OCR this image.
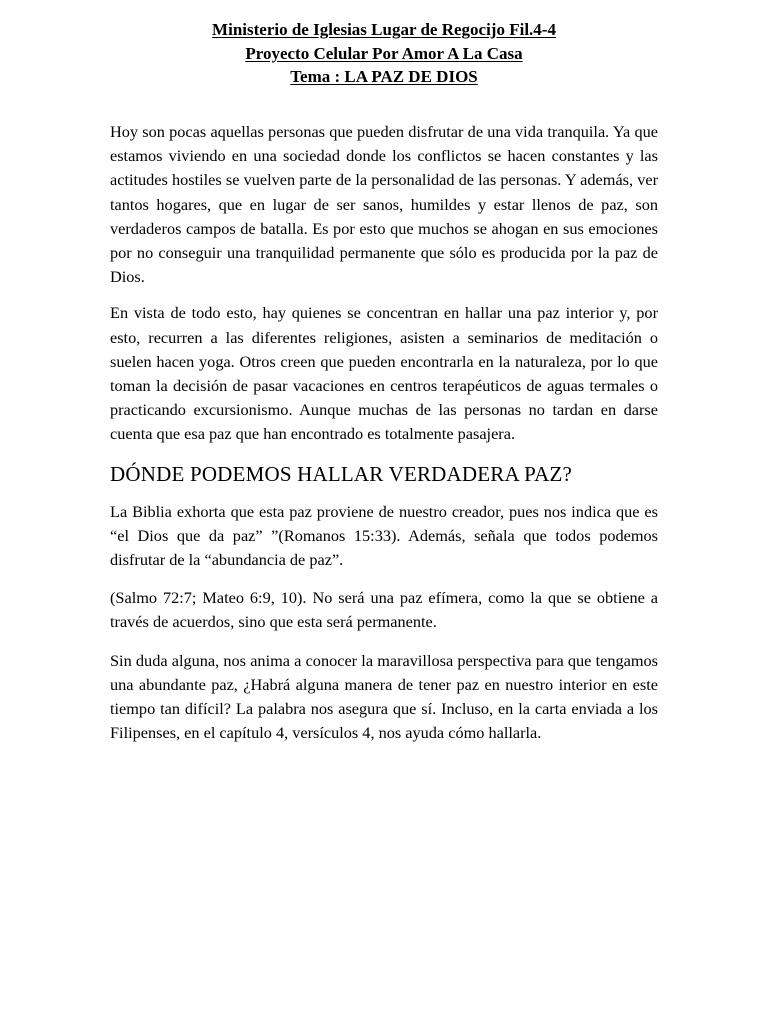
Ministerio de Iglesias Lugar de Regocijo Fil.4-4
Proyecto Celular Por Amor A La Casa
Tema : LA PAZ DE DIOS

Hoy son pocas aquellas personas que pueden disfrutar de una vida tranquila. Ya que estamos viviendo en una sociedad donde los conflictos se hacen constantes y las actitudes hostiles se vuelven parte de la personalidad de las personas. Y además, ver tantos hogares, que en lugar de ser sanos, humildes y estar llenos de paz, son verdaderos campos de batalla. Es por esto que muchos se ahogan en sus emociones por no conseguir una tranquilidad permanente que sólo es producida por la paz de Dios.

En vista de todo esto, hay quienes se concentran en hallar una paz interior y, por esto, recurren a las diferentes religiones, asisten a seminarios de meditación o suelen hacen yoga. Otros creen que pueden encontrarla en la naturaleza, por lo que toman la decisión de pasar vacaciones en centros terapéuticos de aguas termales o practicando excursionismo. Aunque muchas de las personas no tardan en darse cuenta que esa paz que han encontrado es totalmente pasajera.

DÓNDE PODEMOS HALLAR VERDADERA PAZ?

La Biblia exhorta que esta paz proviene de nuestro creador, pues nos indica que es “el Dios que da paz” ”(Romanos 15:33). Además, señala que todos podemos disfrutar de la “abundancia de paz”.

(Salmo 72:7; Mateo 6:9, 10). No será una paz efímera, como la que se obtiene a través de acuerdos, sino que esta será permanente.

Sin duda alguna, nos anima a conocer la maravillosa perspectiva para que tengamos una abundante paz, ¿Habrá alguna manera de tener paz en nuestro interior en este tiempo tan difícil? La palabra nos asegura que sí. Incluso, en la carta enviada a los Filipenses, en el capítulo 4, versículos 4, nos ayuda cómo hallarla.
